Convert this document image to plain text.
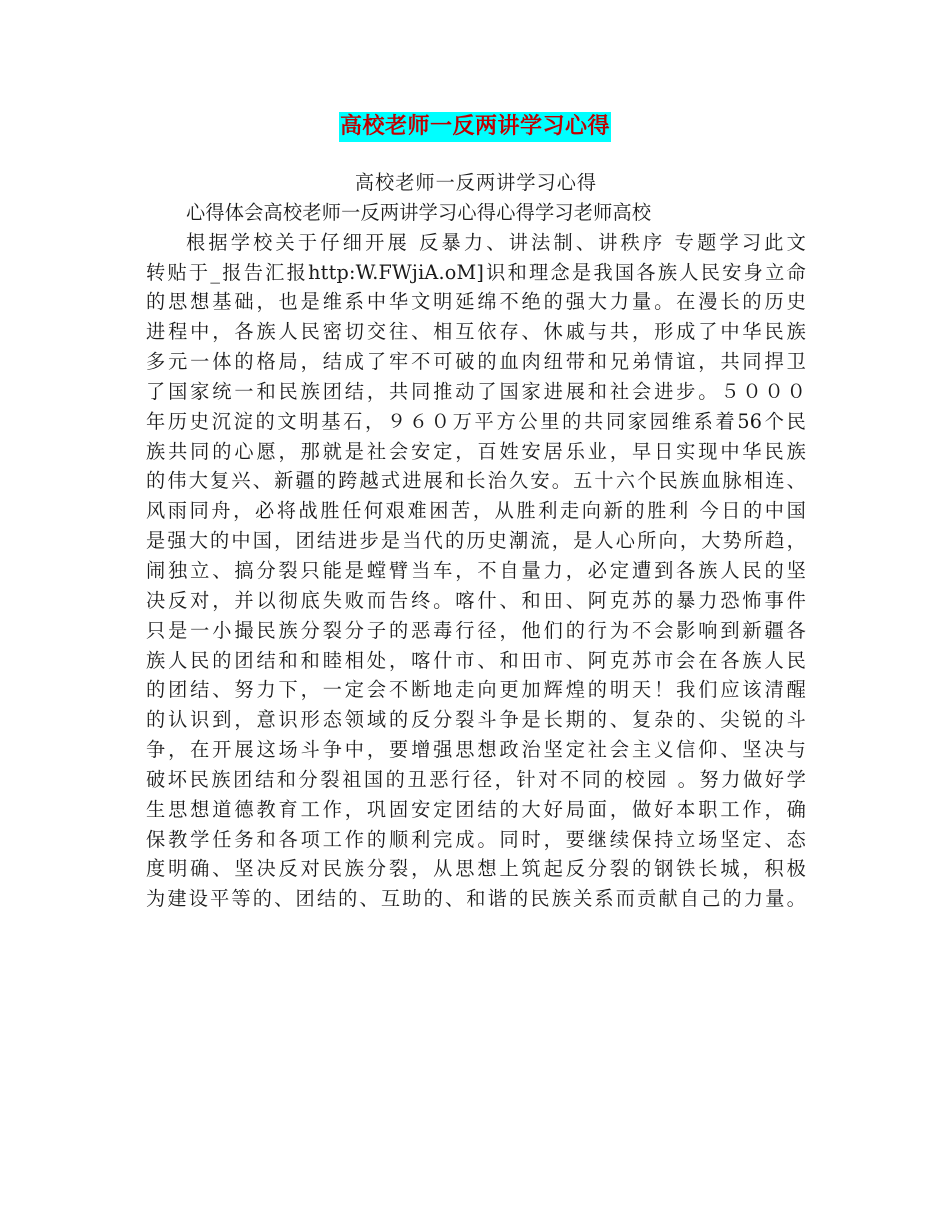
高校老师一反两讲学习心得
高校老师一反两讲学习心得
心得体会高校老师一反两讲学习心得心得学习老师高校
根据学校关于仔细开展 反暴力、讲法制、讲秩序 专题学习此文
转贴于_报告汇报http:W.FWjiA.oM]识和理念是我国各族人民安身立命
的思想基础，也是维系中华文明延绵不绝的强大力量。在漫长的历史
进程中，各族人民密切交往、相互依存、休戚与共，形成了中华民族
多元一体的格局，结成了牢不可破的血肉纽带和兄弟情谊，共同捍卫
了国家统一和民族团结，共同推动了国家进展和社会进步。５０００
年历史沉淀的文明基石，９６０万平方公里的共同家园维系着56个民
族共同的心愿，那就是社会安定，百姓安居乐业，早日实现中华民族
的伟大复兴、新疆的跨越式进展和长治久安。五十六个民族血脉相连、
风雨同舟，必将战胜任何艰难困苦，从胜利走向新的胜利 今日的中国
是强大的中国，团结进步是当代的历史潮流，是人心所向，大势所趋，
闹独立、搞分裂只能是螳臂当车，不自量力，必定遭到各族人民的坚
决反对，并以彻底失败而告终。喀什、和田、阿克苏的暴力恐怖事件
只是一小撮民族分裂分子的恶毒行径，他们的行为不会影响到新疆各
族人民的团结和和睦相处，喀什市、和田市、阿克苏市会在各族人民
的团结、努力下，一定会不断地走向更加辉煌的明天！我们应该清醒
的认识到，意识形态领域的反分裂斗争是长期的、复杂的、尖锐的斗
争，在开展这场斗争中，要增强思想政治坚定社会主义信仰、坚决与
破坏民族团结和分裂祖国的丑恶行径，针对不同的校园 。努力做好学
生思想道德教育工作，巩固安定团结的大好局面，做好本职工作，确
保教学任务和各项工作的顺利完成。同时，要继续保持立场坚定、态
度明确、坚决反对民族分裂，从思想上筑起反分裂的钢铁长城，积极
为建设平等的、团结的、互助的、和谐的民族关系而贡献自己的力量。
